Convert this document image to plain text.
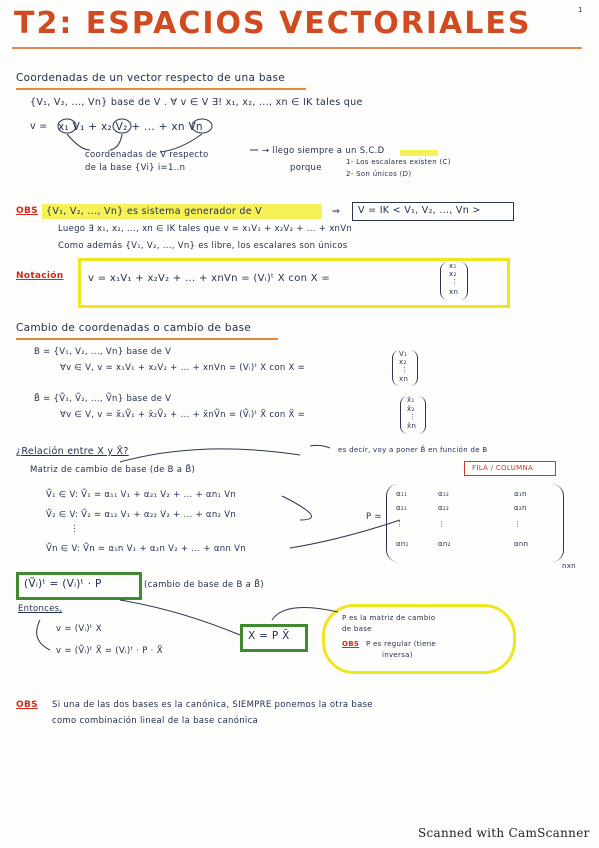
1
T2: ESPACIOS VECTORIALES
Coordenadas de un vector respecto de una base
{V₁, V₂, ..., Vn} base de V . ∀ v ∈ V ∃! x₁, x₂, ..., xn ∈ IK tales que
v = x₁ V₁ + x₂ V₂ + ... + xn Vn
coordenadas de V respecto
de la base {Vi} i=1..n
→ llego siempre a un S.C.D
porque
1- Los escalares existen (C)
2- Son únicos (D)
OBS {V₁, V₂, ..., Vn} es sistema generador de V	⇒ V = IK < V₁, V₂, ..., Vn >
Luego ∃ x₁, x₂, ..., xn ∈ IK tales que v = x₁V₁ + x₂V₂ + ... + xnVn
Como además {V₁, V₂, ..., Vn} es libre, los escalares son únicos
Notación v = x₁V₁ + x₂V₂ + ... + xnVn = (Vᵢ)ᵗ X con X =
x₁
x₂
⋮
xn
Cambio de coordenadas o cambio de base
B = {V₁, V₂, ..., Vn} base de V
∀v ∈ V, v = x₁V₁ + x₂V₂ + ... + xnVn = (Vᵢ)ᵗ X con X =
V₁
x₂
⋮
xn
B̃ = {Ṽ₁, Ṽ₂, ..., Ṽn} base de V
∀v ∈ V, v = x̃₁Ṽ₁ + x̃₂Ṽ₂ + ... + x̃nṼn = (Ṽᵢ)ᵗ X̃ con X̃ =
x̃₁
x̃₂
⋮
x̃n
¿Relación entre X y X̃?	es decir, voy a poner B̃ en función de B
Matriz de cambio de base (de B a B̃)	FILA / COLUMNA
Ṽ₁ ∈ V: Ṽ₁ = α₁₁ V₁ + α₂₁ V₂ + ... + αn₁ Vn
Ṽ₂ ∈ V: Ṽ₂ = α₁₂ V₁ + α₂₂ V₂ + ... + αn₂ Vn
⋮
Ṽn ∈ V: Ṽn = α₁n V₁ + α₂n V₂ + ... + αnn Vn
P =
nxn
α₁₁	α₁₂	α₁n
α₂₁	α₂₂	α₂n
⋮	⋮	⋮
αn₁	αn₂	αnn
(Ṽᵢ)ᵗ = (Vᵢ)ᵗ · P	(cambio de base de B a B̃)
Entonces,
v = (Vᵢ)ᵗ X
v = (Ṽᵢ)ᵗ X̃ = (Vᵢ)ᵗ · P · X̃
X = P X̃
P es la matriz de cambio
de base
OBS P es regular (tiene
inversa)
OBS Si una de las dos bases es la canónica, SIEMPRE ponemos la otra base
como combinación lineal de la base canónica
Scanned with CamScanner
